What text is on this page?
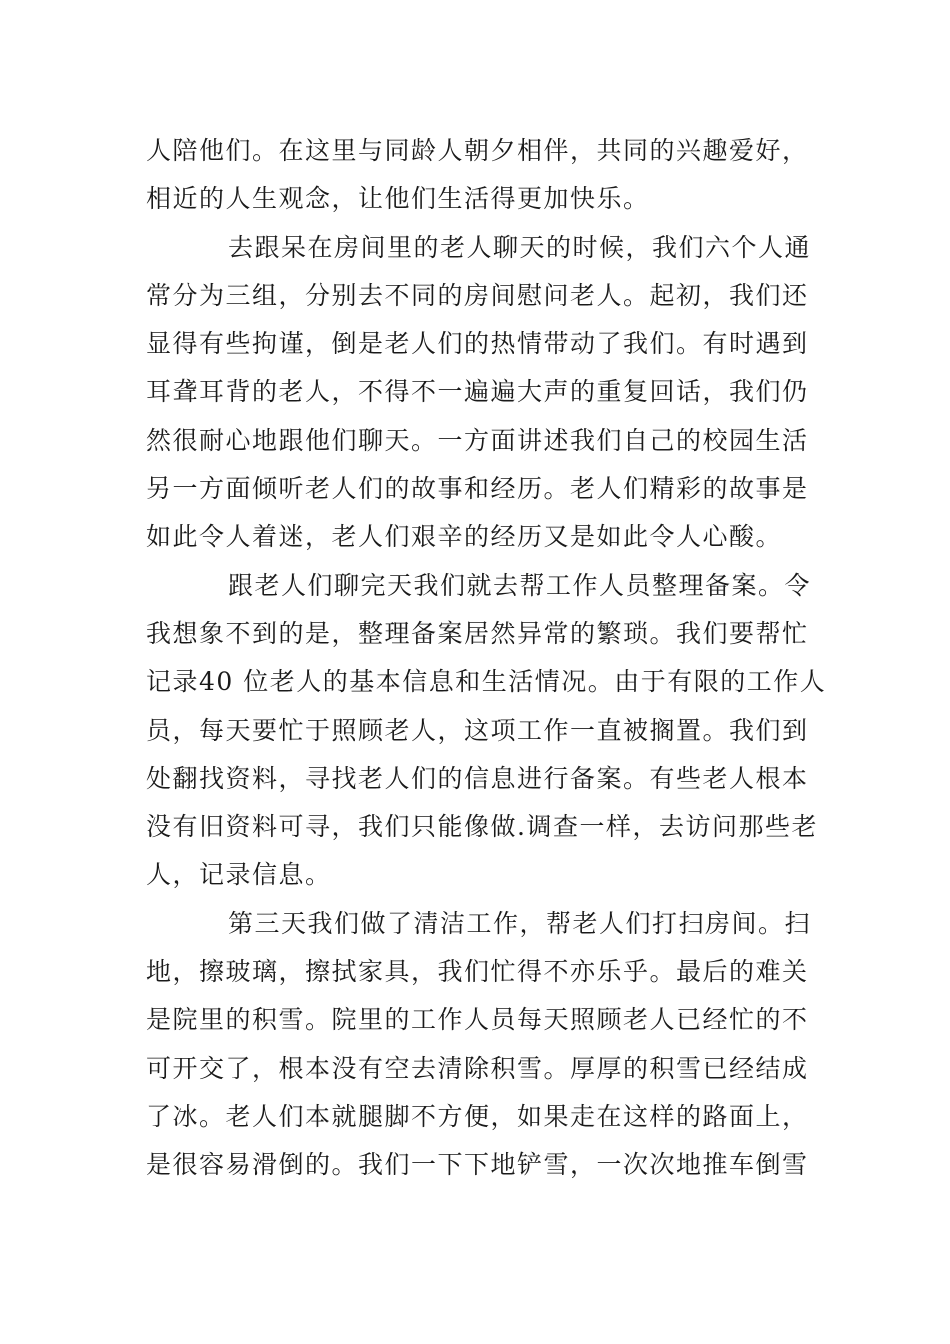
人陪他们。在这里与同龄人朝夕相伴，共同的兴趣爱好，
相近的人生观念，让他们生活得更加快乐。
去跟呆在房间里的老人聊天的时候，我们六个人通
常分为三组，分别去不同的房间慰问老人。起初，我们还
显得有些拘谨，倒是老人们的热情带动了我们。有时遇到
耳聋耳背的老人，不得不一遍遍大声的重复回话，我们仍
然很耐心地跟他们聊天。一方面讲述我们自己的校园生活
另一方面倾听老人们的故事和经历。老人们精彩的故事是
如此令人着迷，老人们艰辛的经历又是如此令人心酸。
跟老人们聊完天我们就去帮工作人员整理备案。令
我想象不到的是，整理备案居然异常的繁琐。我们要帮忙
记录40 位老人的基本信息和生活情况。由于有限的工作人
员，每天要忙于照顾老人，这项工作一直被搁置。我们到
处翻找资料，寻找老人们的信息进行备案。有些老人根本
没有旧资料可寻，我们只能像做.调查一样，去访问那些老
人，记录信息。
第三天我们做了清洁工作，帮老人们打扫房间。扫
地，擦玻璃，擦拭家具，我们忙得不亦乐乎。最后的难关
是院里的积雪。院里的工作人员每天照顾老人已经忙的不
可开交了，根本没有空去清除积雪。厚厚的积雪已经结成
了冰。老人们本就腿脚不方便，如果走在这样的路面上，
是很容易滑倒的。我们一下下地铲雪，一次次地推车倒雪
